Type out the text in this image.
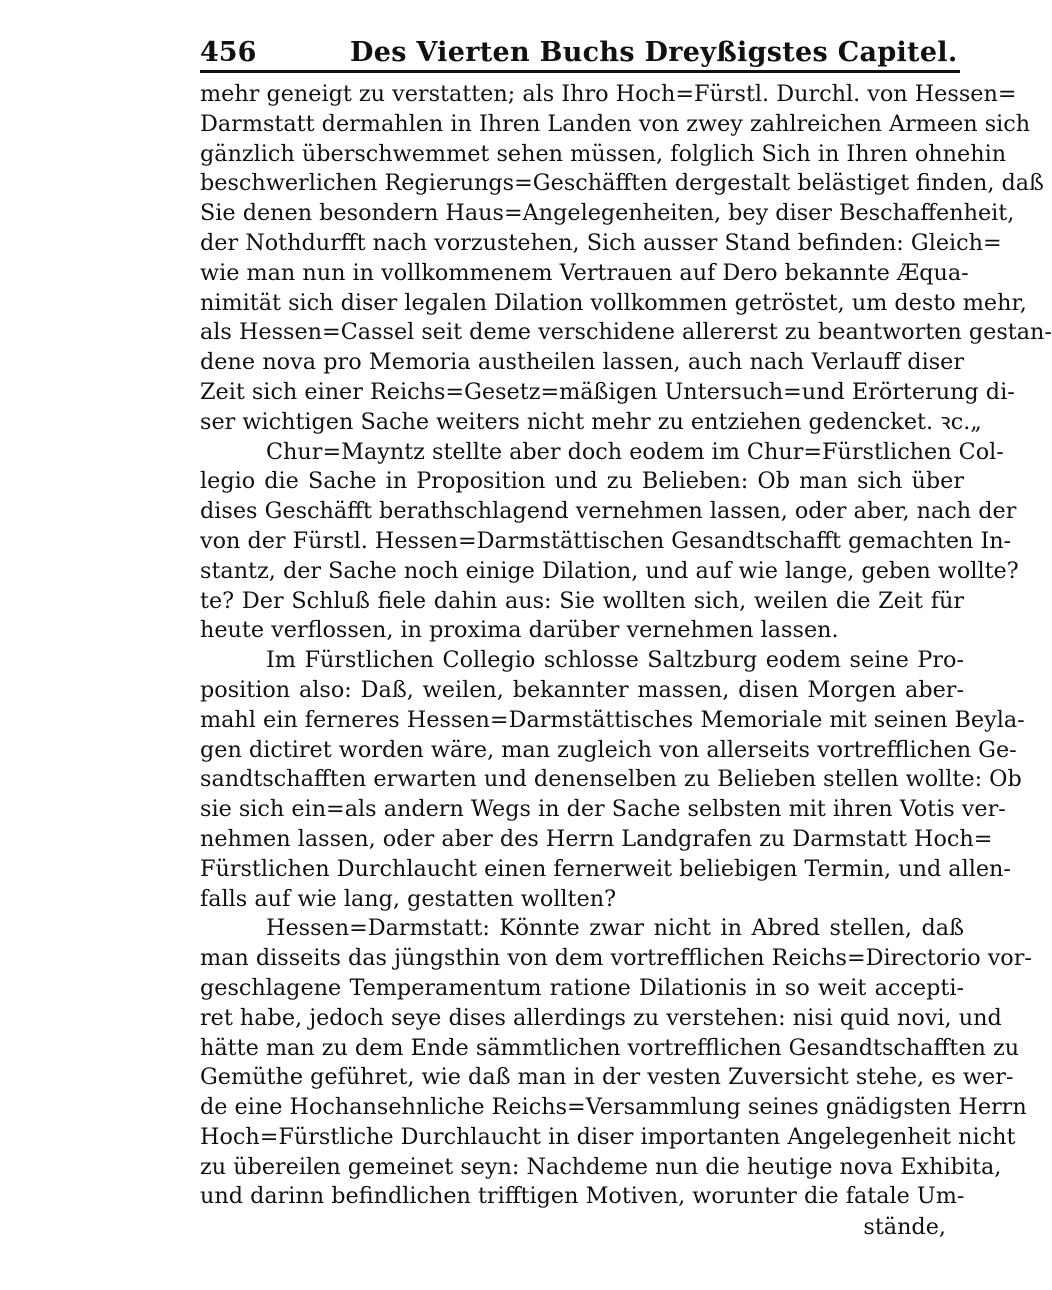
456	Des Vierten Buchs Dreyßigstes Capitel.
mehr geneigt zu verstatten; als Ihro Hoch=Fürstl. Durchl. von Hessen=
Darmstatt dermahlen in Ihren Landen von zwey zahlreichen Armeen sich
gänzlich überschwemmet sehen müssen, folglich Sich in Ihren ohnehin
beschwerlichen Regierungs=Geschäfften dergestalt belästiget finden, daß
Sie denen besondern Haus=Angelegenheiten, bey diser Beschaffenheit,
der Nothdurfft nach vorzustehen, Sich ausser Stand befinden: Gleich=
wie man nun in vollkommenem Vertrauen auf Dero bekannte Æqua-
nimität sich diser legalen Dilation vollkommen getröstet, um desto mehr,
als Hessen=Cassel seit deme verschidene allererst zu beantworten gestan-
dene nova pro Memoria austheilen lassen, auch nach Verlauff diser
Zeit sich einer Reichs=Gesetz=mäßigen Untersuch=und Erörterung di-
ser wichtigen Sache weiters nicht mehr zu entziehen gedencket. ꝛc.„
Chur=Mayntz stellte aber doch eodem im Chur=Fürstlichen Col-
legio die Sache in Proposition und zu Belieben: Ob man sich über
dises Geschäfft berathschlagend vernehmen lassen, oder aber, nach der
von der Fürstl. Hessen=Darmstättischen Gesandtschafft gemachten In-
stantz, der Sache noch einige Dilation, und auf wie lange, geben wollte?
te? Der Schluß fiele dahin aus: Sie wollten sich, weilen die Zeit für
heute verflossen, in proxima darüber vernehmen lassen.
Im Fürstlichen Collegio schlosse Saltzburg eodem seine Pro-
position also: Daß, weilen, bekannter massen, disen Morgen aber-
mahl ein ferneres Hessen=Darmstättisches Memoriale mit seinen Beyla-
gen dictiret worden wäre, man zugleich von allerseits vortrefflichen Ge-
sandtschafften erwarten und denenselben zu Belieben stellen wollte: Ob
sie sich ein=als andern Wegs in der Sache selbsten mit ihren Votis ver-
nehmen lassen, oder aber des Herrn Landgrafen zu Darmstatt Hoch=
Fürstlichen Durchlaucht einen fernerweit beliebigen Termin, und allen-
falls auf wie lang, gestatten wollten?
Hessen=Darmstatt: Könnte zwar nicht in Abred stellen, daß
man disseits das jüngsthin von dem vortrefflichen Reichs=Directorio vor-
geschlagene Temperamentum ratione Dilationis in so weit accepti-
ret habe, jedoch seye dises allerdings zu verstehen: nisi quid novi, und
hätte man zu dem Ende sämmtlichen vortrefflichen Gesandtschafften zu
Gemüthe geführet, wie daß man in der vesten Zuversicht stehe, es wer-
de eine Hochansehnliche Reichs=Versammlung seines gnädigsten Herrn
Hoch=Fürstliche Durchlaucht in diser importanten Angelegenheit nicht
zu übereilen gemeinet seyn: Nachdeme nun die heutige nova Exhibita,
und darinn befindlichen trifftigen Motiven, worunter die fatale Um-
stände,
